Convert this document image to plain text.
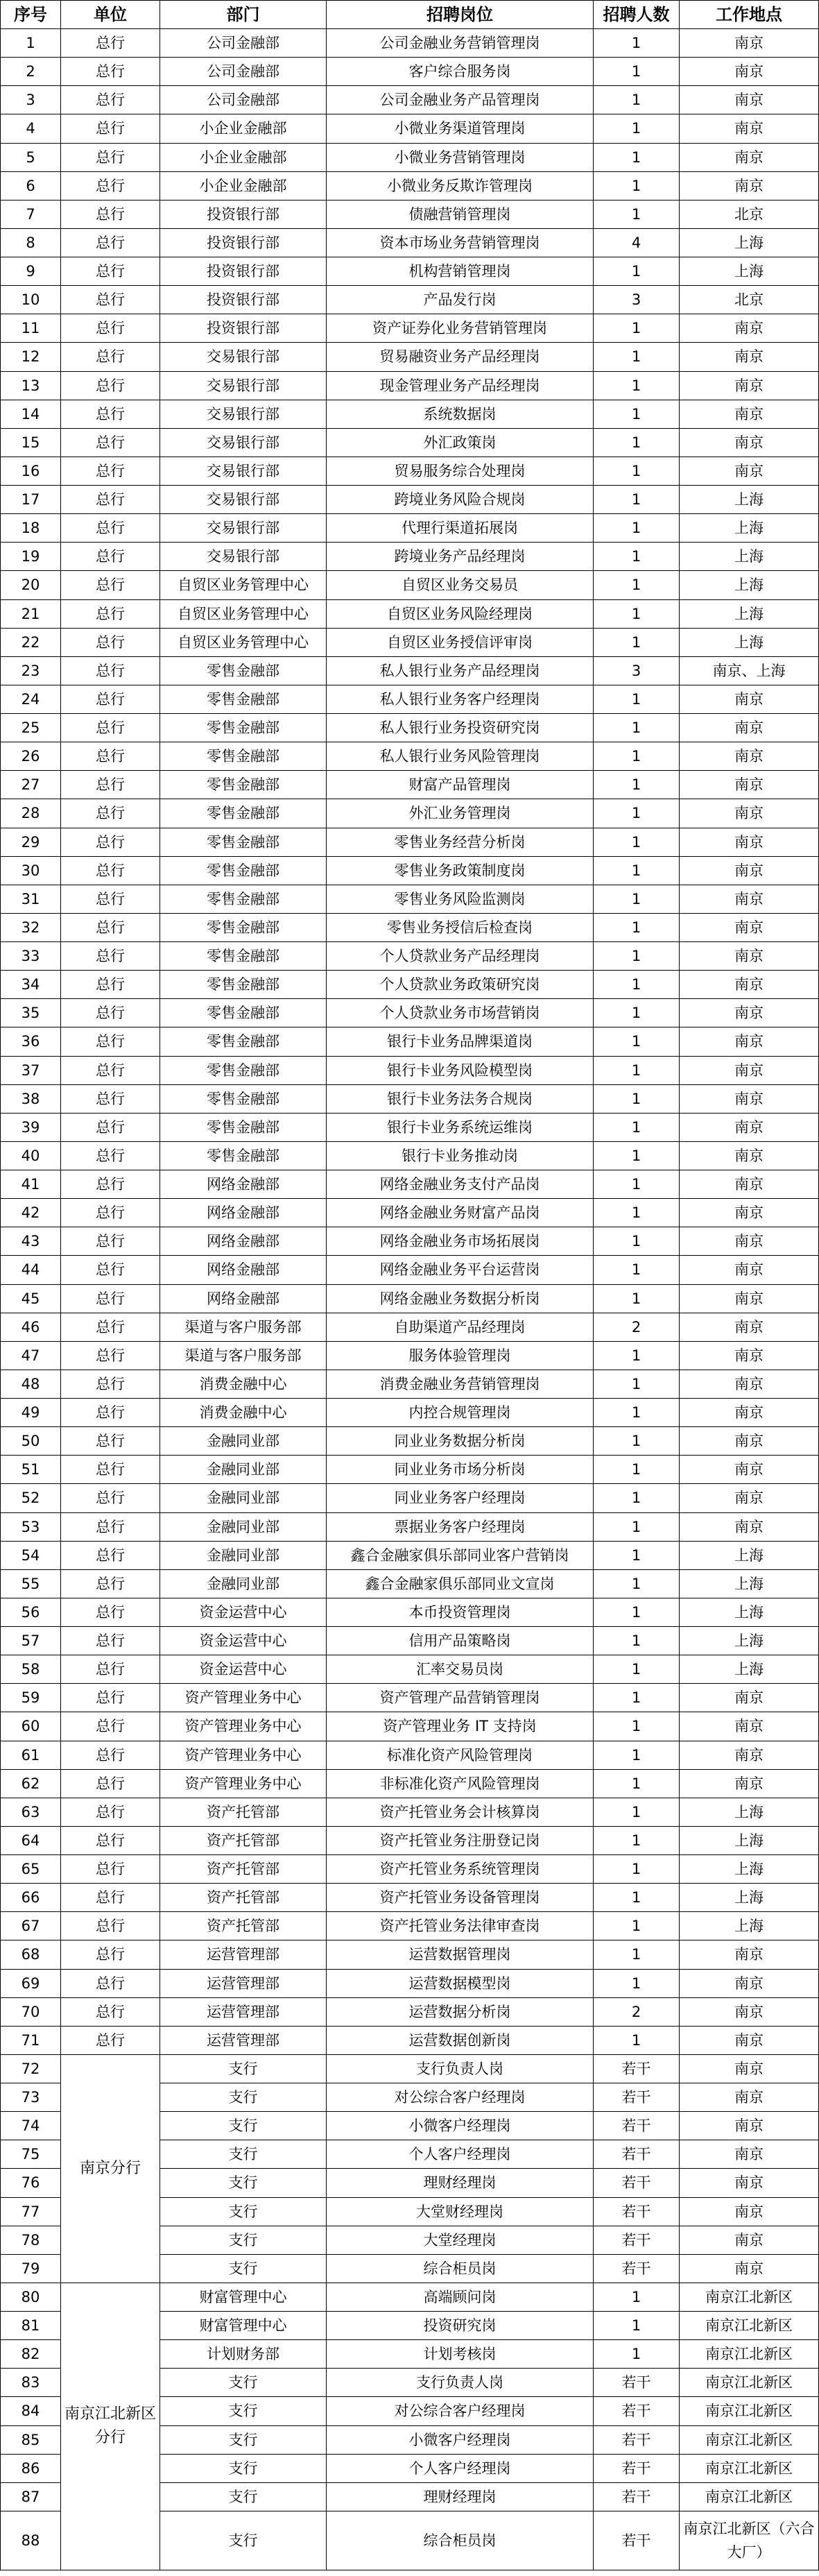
序号	单位	部门	招聘岗位	招聘人数	工作地点
1	总行	公司金融部	公司金融业务营销管理岗	1	南京
2	总行	公司金融部	客户综合服务岗	1	南京
3	总行	公司金融部	公司金融业务产品管理岗	1	南京
4	总行	小企业金融部	小微业务渠道管理岗	1	南京
5	总行	小企业金融部	小微业务营销管理岗	1	南京
6	总行	小企业金融部	小微业务反欺诈管理岗	1	南京
7	总行	投资银行部	债融营销管理岗	1	北京
8	总行	投资银行部	资本市场业务营销管理岗	4	上海
9	总行	投资银行部	机构营销管理岗	1	上海
10	总行	投资银行部	产品发行岗	3	北京
11	总行	投资银行部	资产证券化业务营销管理岗	1	南京
12	总行	交易银行部	贸易融资业务产品经理岗	1	南京
13	总行	交易银行部	现金管理业务产品经理岗	1	南京
14	总行	交易银行部	系统数据岗	1	南京
15	总行	交易银行部	外汇政策岗	1	南京
16	总行	交易银行部	贸易服务综合处理岗	1	南京
17	总行	交易银行部	跨境业务风险合规岗	1	上海
18	总行	交易银行部	代理行渠道拓展岗	1	上海
19	总行	交易银行部	跨境业务产品经理岗	1	上海
20	总行	自贸区业务管理中心	自贸区业务交易员	1	上海
21	总行	自贸区业务管理中心	自贸区业务风险经理岗	1	上海
22	总行	自贸区业务管理中心	自贸区业务授信评审岗	1	上海
23	总行	零售金融部	私人银行业务产品经理岗	3	南京、上海
24	总行	零售金融部	私人银行业务客户经理岗	1	南京
25	总行	零售金融部	私人银行业务投资研究岗	1	南京
26	总行	零售金融部	私人银行业务风险管理岗	1	南京
27	总行	零售金融部	财富产品管理岗	1	南京
28	总行	零售金融部	外汇业务管理岗	1	南京
29	总行	零售金融部	零售业务经营分析岗	1	南京
30	总行	零售金融部	零售业务政策制度岗	1	南京
31	总行	零售金融部	零售业务风险监测岗	1	南京
32	总行	零售金融部	零售业务授信后检查岗	1	南京
33	总行	零售金融部	个人贷款业务产品经理岗	1	南京
34	总行	零售金融部	个人贷款业务政策研究岗	1	南京
35	总行	零售金融部	个人贷款业务市场营销岗	1	南京
36	总行	零售金融部	银行卡业务品牌渠道岗	1	南京
37	总行	零售金融部	银行卡业务风险模型岗	1	南京
38	总行	零售金融部	银行卡业务法务合规岗	1	南京
39	总行	零售金融部	银行卡业务系统运维岗	1	南京
40	总行	零售金融部	银行卡业务推动岗	1	南京
41	总行	网络金融部	网络金融业务支付产品岗	1	南京
42	总行	网络金融部	网络金融业务财富产品岗	1	南京
43	总行	网络金融部	网络金融业务市场拓展岗	1	南京
44	总行	网络金融部	网络金融业务平台运营岗	1	南京
45	总行	网络金融部	网络金融业务数据分析岗	1	南京
46	总行	渠道与客户服务部	自助渠道产品经理岗	2	南京
47	总行	渠道与客户服务部	服务体验管理岗	1	南京
48	总行	消费金融中心	消费金融业务营销管理岗	1	南京
49	总行	消费金融中心	内控合规管理岗	1	南京
50	总行	金融同业部	同业业务数据分析岗	1	南京
51	总行	金融同业部	同业业务市场分析岗	1	南京
52	总行	金融同业部	同业业务客户经理岗	1	南京
53	总行	金融同业部	票据业务客户经理岗	1	南京
54	总行	金融同业部	鑫合金融家俱乐部同业客户营销岗	1	上海
55	总行	金融同业部	鑫合金融家俱乐部同业文宣岗	1	上海
56	总行	资金运营中心	本币投资管理岗	1	上海
57	总行	资金运营中心	信用产品策略岗	1	上海
58	总行	资金运营中心	汇率交易员岗	1	上海
59	总行	资产管理业务中心	资产管理产品营销管理岗	1	南京
60	总行	资产管理业务中心	资产管理业务 IT 支持岗	1	南京
61	总行	资产管理业务中心	标准化资产风险管理岗	1	南京
62	总行	资产管理业务中心	非标准化资产风险管理岗	1	南京
63	总行	资产托管部	资产托管业务会计核算岗	1	上海
64	总行	资产托管部	资产托管业务注册登记岗	1	上海
65	总行	资产托管部	资产托管业务系统管理岗	1	上海
66	总行	资产托管部	资产托管业务设备管理岗	1	上海
67	总行	资产托管部	资产托管业务法律审查岗	1	上海
68	总行	运营管理部	运营数据管理岗	1	南京
69	总行	运营管理部	运营数据模型岗	1	南京
70	总行	运营管理部	运营数据分析岗	2	南京
71	总行	运营管理部	运营数据创新岗	1	南京
72	南京分行	支行	支行负责人岗	若干	南京
73		支行	对公综合客户经理岗	若干	南京
74		支行	小微客户经理岗	若干	南京
75		支行	个人客户经理岗	若干	南京
76		支行	理财经理岗	若干	南京
77		支行	大堂财经理岗	若干	南京
78		支行	大堂经理岗	若干	南京
79		支行	综合柜员岗	若干	南京
80	南京江北新区分行	财富管理中心	高端顾问岗	1	南京江北新区
81		财富管理中心	投资研究岗	1	南京江北新区
82		计划财务部	计划考核岗	1	南京江北新区
83		支行	支行负责人岗	若干	南京江北新区
84		支行	对公综合客户经理岗	若干	南京江北新区
85		支行	小微客户经理岗	若干	南京江北新区
86		支行	个人客户经理岗	若干	南京江北新区
87		支行	理财经理岗	若干	南京江北新区
88		支行	综合柜员岗	若干	南京江北新区（六合大厂）
